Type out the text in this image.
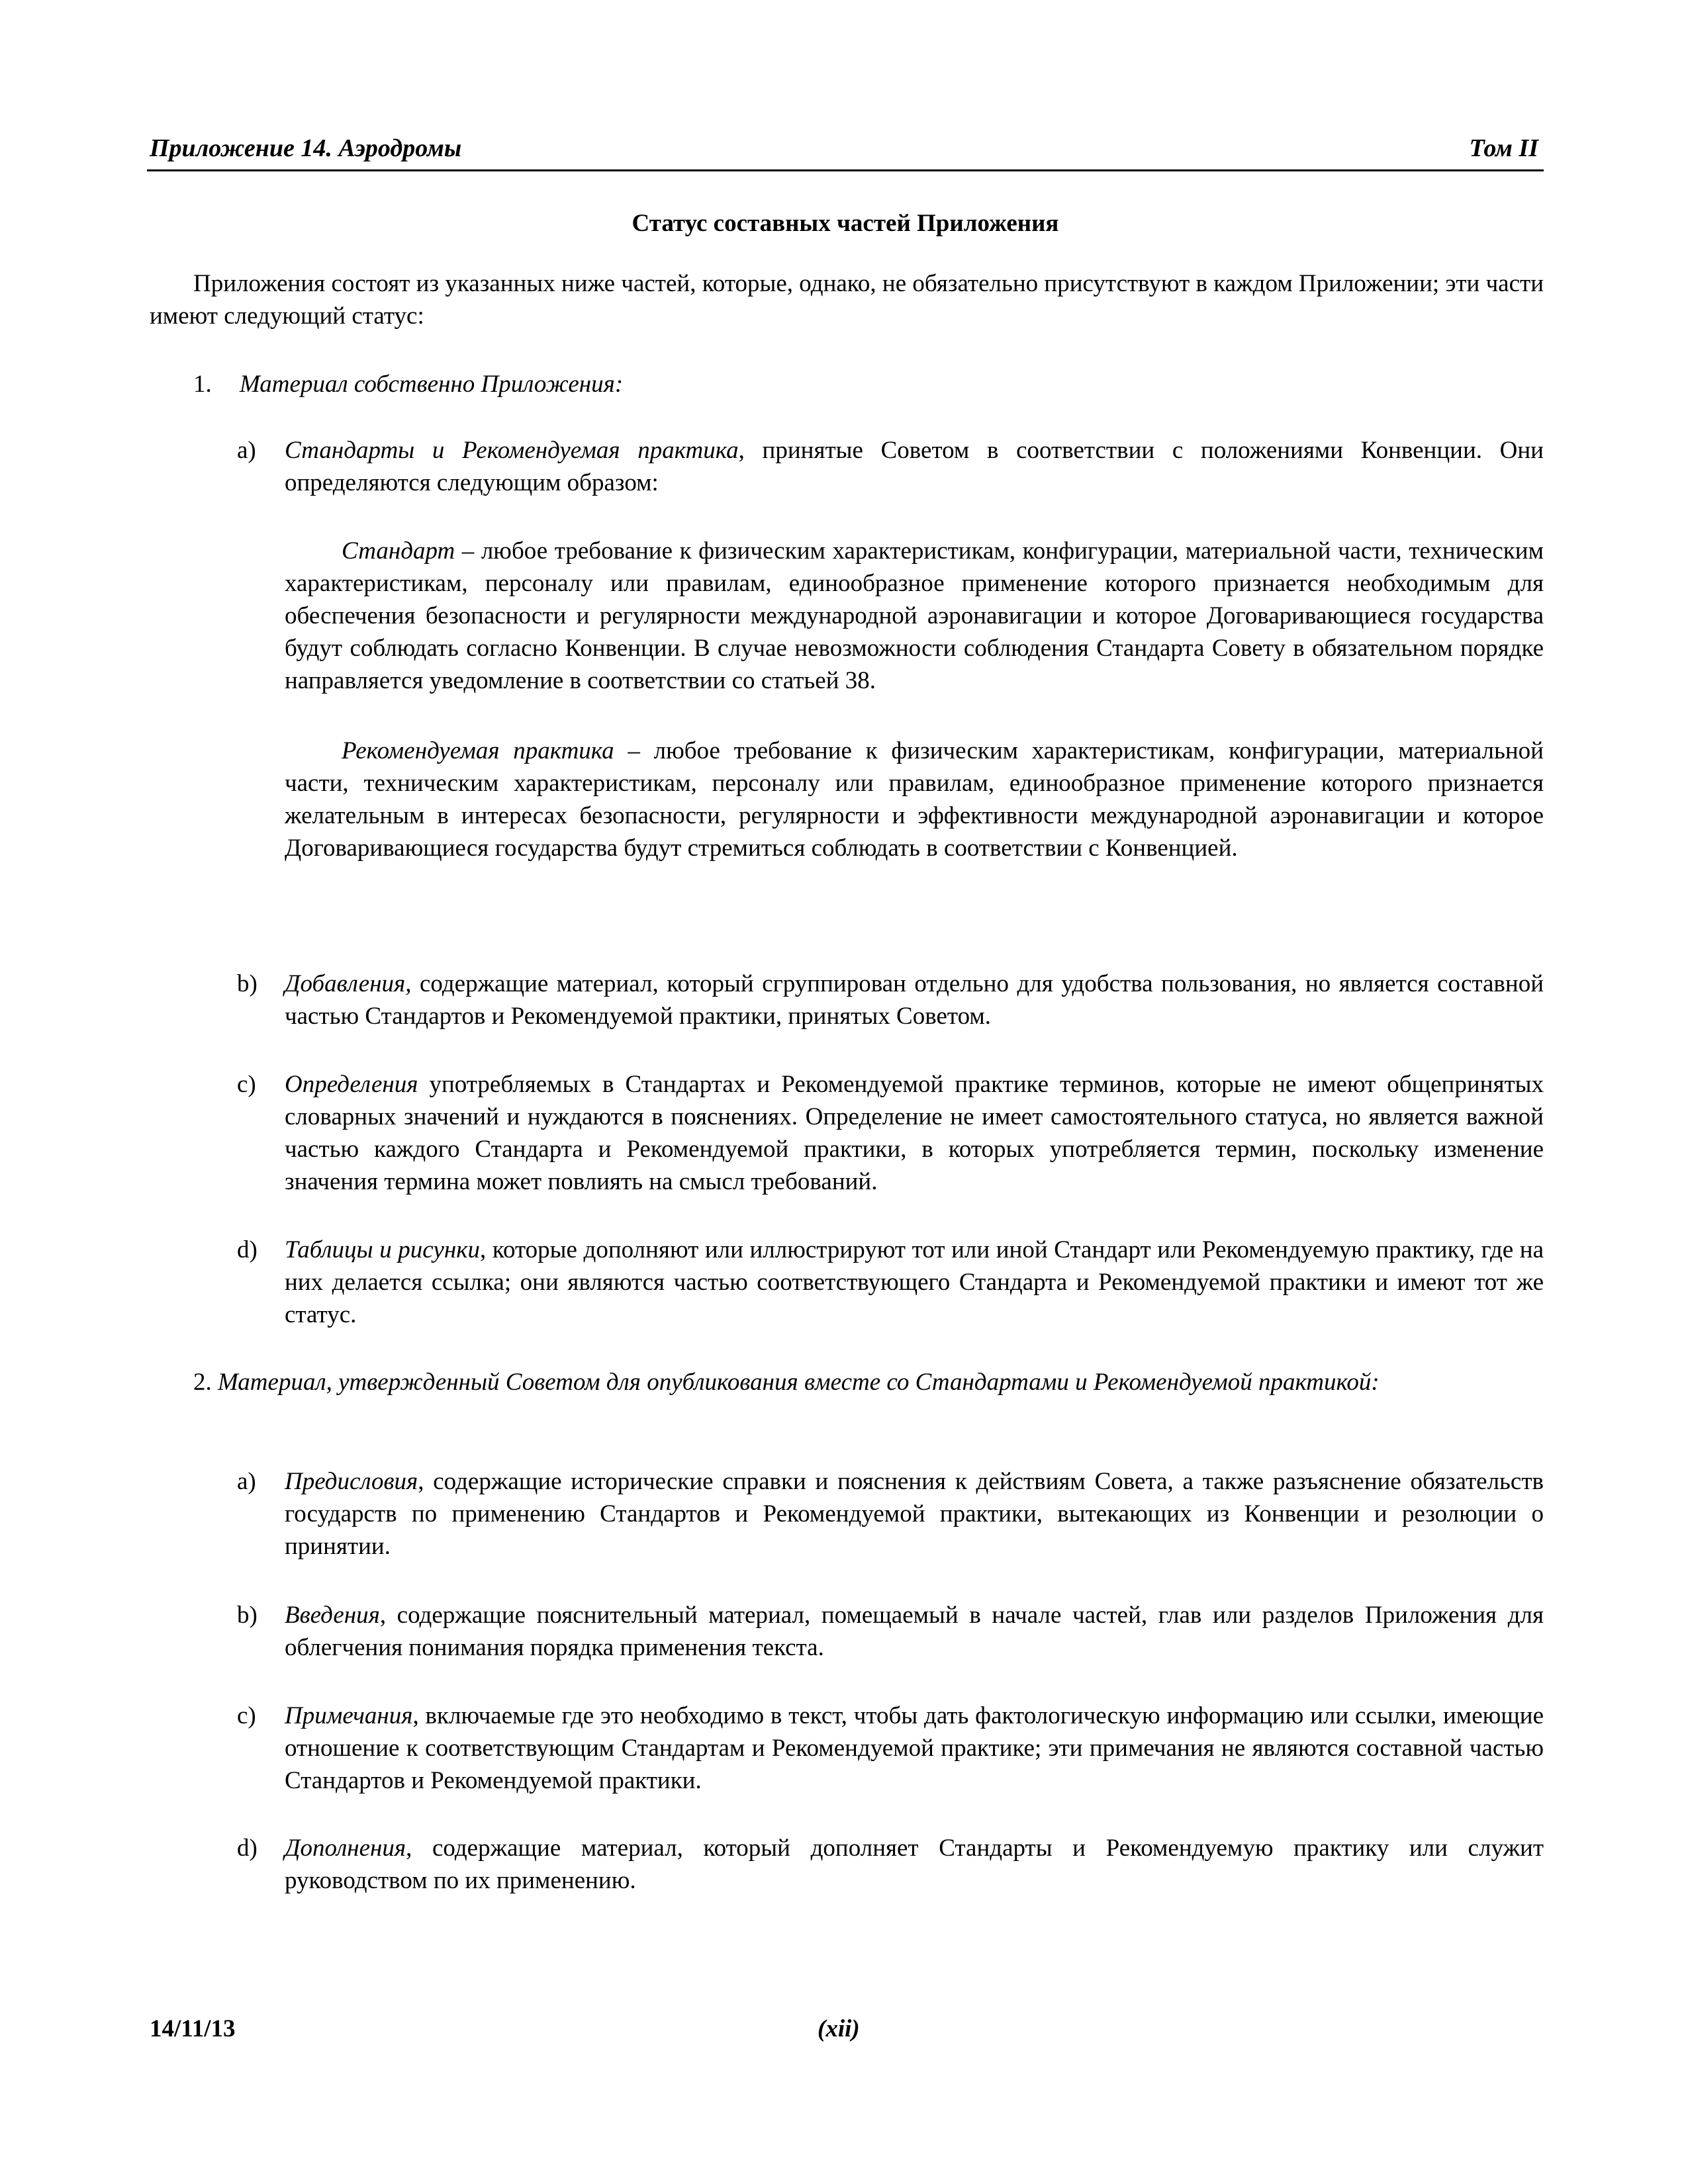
Приложение 14. Аэродромы	Том II
Статус составных частей Приложения

Приложения состоят из указанных ниже частей, которые, однако, не обязательно присутствуют в каждом Приложении; эти части имеют следующий статус:

1. Материал собственно Приложения:

a) Стандарты и Рекомендуемая практика, принятые Советом в соответствии с положениями Конвенции. Они определяются следующим образом:

Стандарт – любое требование к физическим характеристикам, конфигурации, материальной части, техническим характеристикам, персоналу или правилам, единообразное применение которого признается необходимым для обеспечения безопасности и регулярности международной аэронавигации и которое Договаривающиеся государства будут соблюдать согласно Конвенции. В случае невозможности соблюдения Стандарта Совету в обязательном порядке направляется уведомление в соответствии со статьей 38.

Рекомендуемая практика – любое требование к физическим характеристикам, конфигурации, материальной части, техническим характеристикам, персоналу или правилам, единообразное применение которого признается желательным в интересах безопасности, регулярности и эффективности международной аэронавигации и которое Договаривающиеся государства будут стремиться соблюдать в соответствии с Конвенцией.

b) Добавления, содержащие материал, который сгруппирован отдельно для удобства пользования, но является составной частью Стандартов и Рекомендуемой практики, принятых Советом.

c) Определения употребляемых в Стандартах и Рекомендуемой практике терминов, которые не имеют общепринятых словарных значений и нуждаются в пояснениях. Определение не имеет самостоятельного статуса, но является важной частью каждого Стандарта и Рекомендуемой практики, в которых употребляется термин, поскольку изменение значения термина может повлиять на смысл требований.

d) Таблицы и рисунки, которые дополняют или иллюстрируют тот или иной Стандарт или Рекомендуемую практику, где на них делается ссылка; они являются частью соответствующего Стандарта и Рекомендуемой практики и имеют тот же статус.

2. Материал, утвержденный Советом для опубликования вместе со Стандартами и Рекомендуемой практикой:

a) Предисловия, содержащие исторические справки и пояснения к действиям Совета, а также разъяснение обязательств государств по применению Стандартов и Рекомендуемой практики, вытекающих из Конвенции и резолюции о принятии.

b) Введения, содержащие пояснительный материал, помещаемый в начале частей, глав или разделов Приложения для облегчения понимания порядка применения текста.

c) Примечания, включаемые где это необходимо в текст, чтобы дать фактологическую информацию или ссылки, имеющие отношение к соответствующим Стандартам и Рекомендуемой практике; эти примечания не являются составной частью Стандартов и Рекомендуемой практики.

d) Дополнения, содержащие материал, который дополняет Стандарты и Рекомендуемую практику или служит руководством по их применению.

14/11/13	(xii)
